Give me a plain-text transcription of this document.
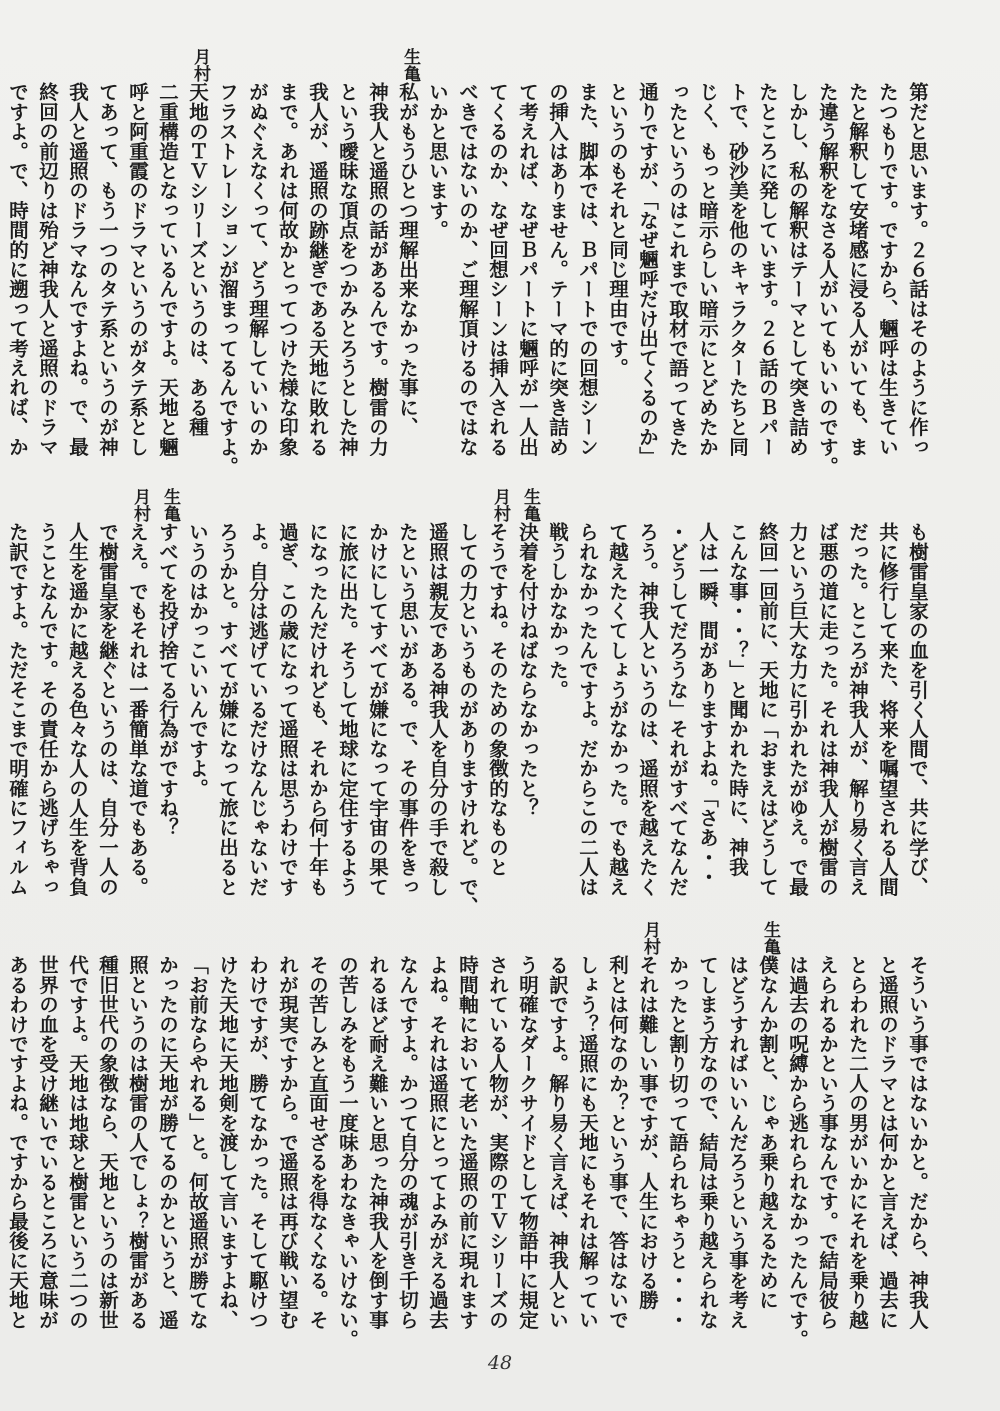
第だと思います。２６話はそのように作っ
たつもりです。ですから、魎呼は生きてい
たと解釈して安堵感に浸る人がいても、ま
た違う解釈をなさる人がいてもいいのです。
しかし、私の解釈はテーマとして突き詰め
たところに発しています。２６話のＢパー
トで、砂沙美を他のキャラクターたちと同
じく、もっと暗示らしい暗示にとどめたか
ったというのはこれまで取材で語ってきた
通りですが、「なぜ魎呼だけ出てくるのか」
というのもそれと同じ理由です。
また、脚本では、Ｂパートでの回想シーン
の挿入はありません。テーマ的に突き詰め
て考えれば、なぜＢパートに魎呼が一人出
てくるのか、なぜ回想シーンは挿入される
べきではないのか、ご理解頂けるのではな
いかと思います。
私がもうひとつ理解出来なかった事に、
生亀
神我人と遥照の話があるんです。樹雷の力
という曖昧な頂点をつかみとろうとした神
我人が、遥照の跡継ぎである天地に敗れる
まで。あれは何故かとってつけた様な印象
がぬぐえなくって、どう理解していいのか
フラストレーションが溜まってるんですよ。
天地のＴＶシリーズというのは、ある種
月村
二重構造となっているんですよ。天地と魎
呼と阿重霞のドラマというのがタテ系とし
てあって、もう一つのタテ系というのが神
我人と遥照のドラマなんですよね。で、最
終回の前辺りは殆ど神我人と遥照のドラマ
ですよ。で、時間的に遡って考えれば、か
も樹雷皇家の血を引く人間で、共に学び、
共に修行して来た、将来を嘱望される人間
だった。ところが神我人が、解り易く言え
ば悪の道に走った。それは神我人が樹雷の
力という巨大な力に引かれたがゆえ。で最
終回一回前に、天地に「おまえはどうして
こんな事・・？」と聞かれた時に、神我
人は一瞬、間がありますよね。「さあ・・
・どうしてだろうな」それがすべてなんだ
ろう。神我人というのは、遥照を越えたく
て越えたくてしょうがなかった。でも越え
られなかったんですよ。だからこの二人は
戦うしかなかった。
決着を付けねばならなかったと？
生亀
そうですね。そのための象徴的なものと
月村
しての力というものがありますけれど。で、
遥照は親友である神我人を自分の手で殺し
たという思いがある。で、その事件をきっ
かけにしてすべてが嫌になって宇宙の果て
に旅に出た。そうして地球に定住するよう
になったんだけれども、それから何十年も
過ぎ、この歳になって遥照は思うわけです
よ。自分は逃げているだけなんじゃないだ
ろうかと。すべてが嫌になって旅に出ると
いうのはかっこいいんですよ。
すべてを投げ捨てる行為がですね？
生亀
ええ。でもそれは一番簡単な道でもある。
月村
で樹雷皇家を継ぐというのは、自分一人の
人生を遥かに越える色々な人の人生を背負
うことなんです。その責任から逃げちゃっ
た訳ですよ。ただそこまで明確にフィルム
そういう事ではないかと。だから、神我人
と遥照のドラマとは何かと言えば、過去に
とらわれた二人の男がいかにそれを乗り越
えられるかという事なんです。で結局彼ら
は過去の呪縛から逃れられなかったんです。
僕なんか割と、じゃあ乗り越えるために
生亀
はどうすればいいんだろうという事を考え
てしまう方なので、結局は乗り越えられな
かったと割り切って語られちゃうと・・・
それは難しい事ですが、人生における勝
月村
利とは何なのか？という事で、答はないで
しょう？遥照にも天地にもそれは解ってい
る訳ですよ。解り易く言えば、神我人とい
う明確なダークサイドとして物語中に規定
されている人物が、実際のＴＶシリーズの
時間軸において老いた遥照の前に現れます
よね。それは遥照にとってよみがえる過去
なんですよ。かつて自分の魂が引き千切ら
れるほど耐え難いと思った神我人を倒す事
の苦しみをもう一度味あわなきゃいけない。
その苦しみと直面せざるを得なくなる。そ
れが現実ですから。で遥照は再び戦い望む
わけですが、勝てなかった。そして駆けつ
けた天地に天地剣を渡して言いますよね、
「お前ならやれる」と。何故遥照が勝てな
かったのに天地が勝てるのかというと、遥
照というのは樹雷の人でしょ？樹雷がある
種旧世代の象徴なら、天地というのは新世
代ですよ。天地は地球と樹雷という二つの
世界の血を受け継いでいるところに意味が
あるわけですよね。ですから最後に天地と
48
